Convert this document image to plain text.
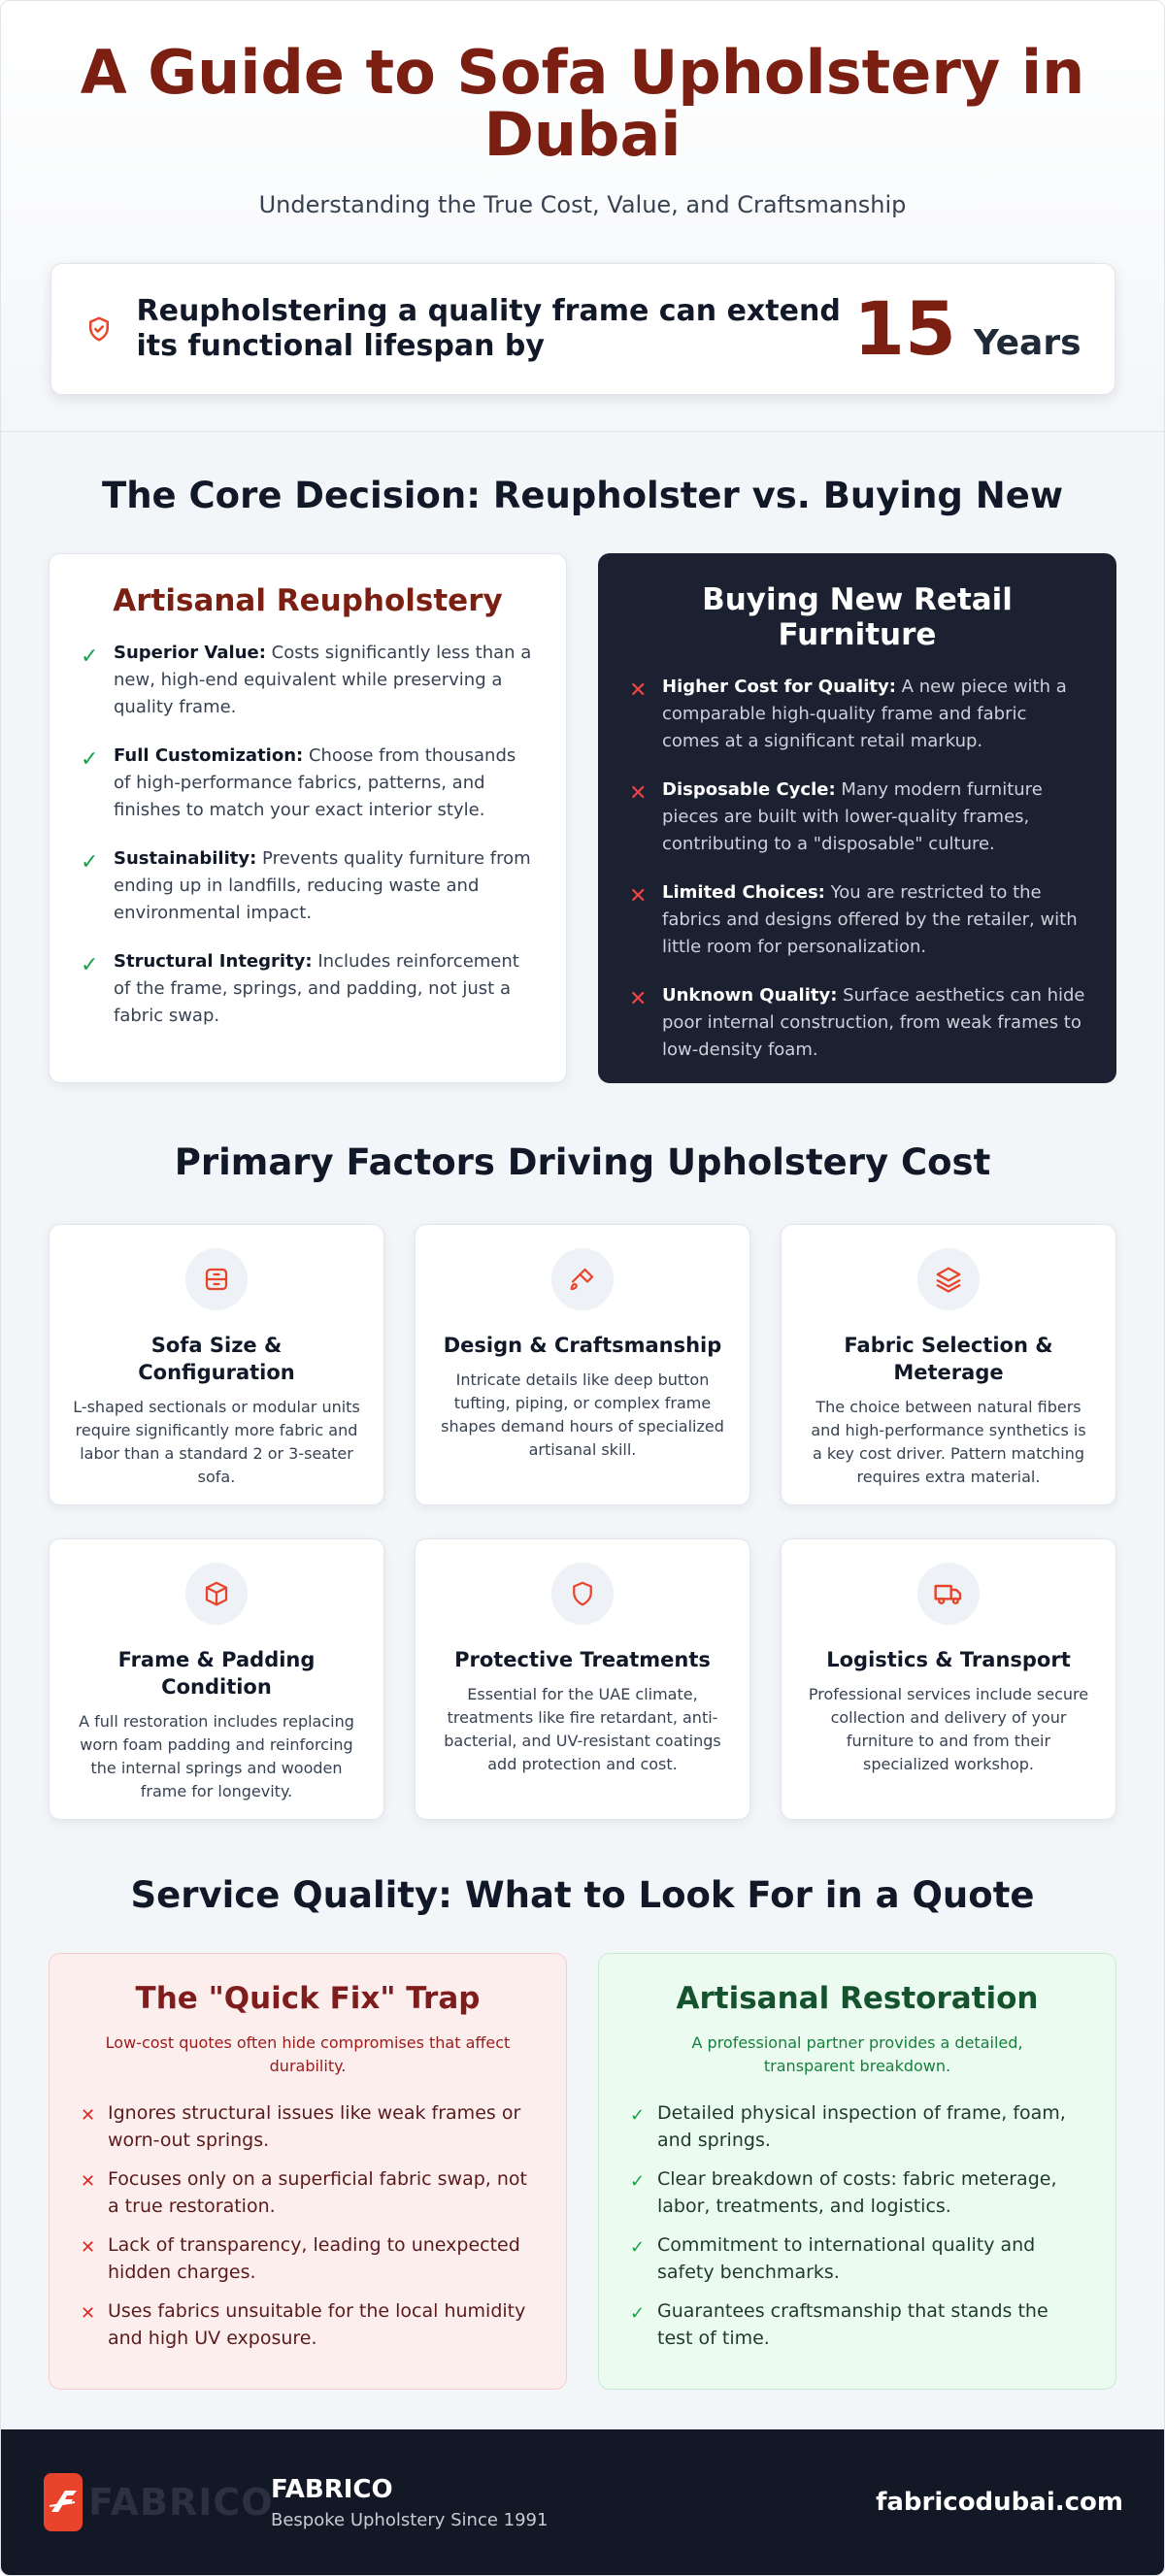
A Guide to Sofa Upholstery in Dubai
Understanding the True Cost, Value, and Craftsmanship
Reupholstering a quality frame can extend its functional lifespan by	15 Years
The Core Decision: Reupholster vs. Buying New
Artisanal Reupholstery
✓ Superior Value: Costs significantly less than a new, high-end equivalent while preserving a quality frame.
✓ Full Customization: Choose from thousands of high-performance fabrics, patterns, and finishes to match your exact interior style.
✓ Sustainability: Prevents quality furniture from ending up in landfills, reducing waste and environmental impact.
✓ Structural Integrity: Includes reinforcement of the frame, springs, and padding, not just a fabric swap.
Buying New Retail Furniture
✕ Higher Cost for Quality: A new piece with a comparable high-quality frame and fabric comes at a significant retail markup.
✕ Disposable Cycle: Many modern furniture pieces are built with lower-quality frames, contributing to a "disposable" culture.
✕ Limited Choices: You are restricted to the fabrics and designs offered by the retailer, with little room for personalization.
✕ Unknown Quality: Surface aesthetics can hide poor internal construction, from weak frames to low-density foam.
Primary Factors Driving Upholstery Cost
Sofa Size & Configuration
L-shaped sectionals or modular units require significantly more fabric and labor than a standard 2 or 3-seater sofa.
Design & Craftsmanship
Intricate details like deep button tufting, piping, or complex frame shapes demand hours of specialized artisanal skill.
Fabric Selection & Meterage
The choice between natural fibers and high-performance synthetics is a key cost driver. Pattern matching requires extra material.
Frame & Padding Condition
A full restoration includes replacing worn foam padding and reinforcing the internal springs and wooden frame for longevity.
Protective Treatments
Essential for the UAE climate, treatments like fire retardant, anti-bacterial, and UV-resistant coatings add protection and cost.
Logistics & Transport
Professional services include secure collection and delivery of your furniture to and from their specialized workshop.
Service Quality: What to Look For in a Quote
The "Quick Fix" Trap
Low-cost quotes often hide compromises that affect durability.
✕ Ignores structural issues like weak frames or worn-out springs.
✕ Focuses only on a superficial fabric swap, not a true restoration.
✕ Lack of transparency, leading to unexpected hidden charges.
✕ Uses fabrics unsuitable for the local humidity and high UV exposure.
Artisanal Restoration
A professional partner provides a detailed, transparent breakdown.
✓ Detailed physical inspection of frame, foam, and springs.
✓ Clear breakdown of costs: fabric meterage, labor, treatments, and logistics.
✓ Commitment to international quality and safety benchmarks.
✓ Guarantees craftsmanship that stands the test of time.
FABRICO
FABRICO
Bespoke Upholstery Since 1991
fabricodubai.com
